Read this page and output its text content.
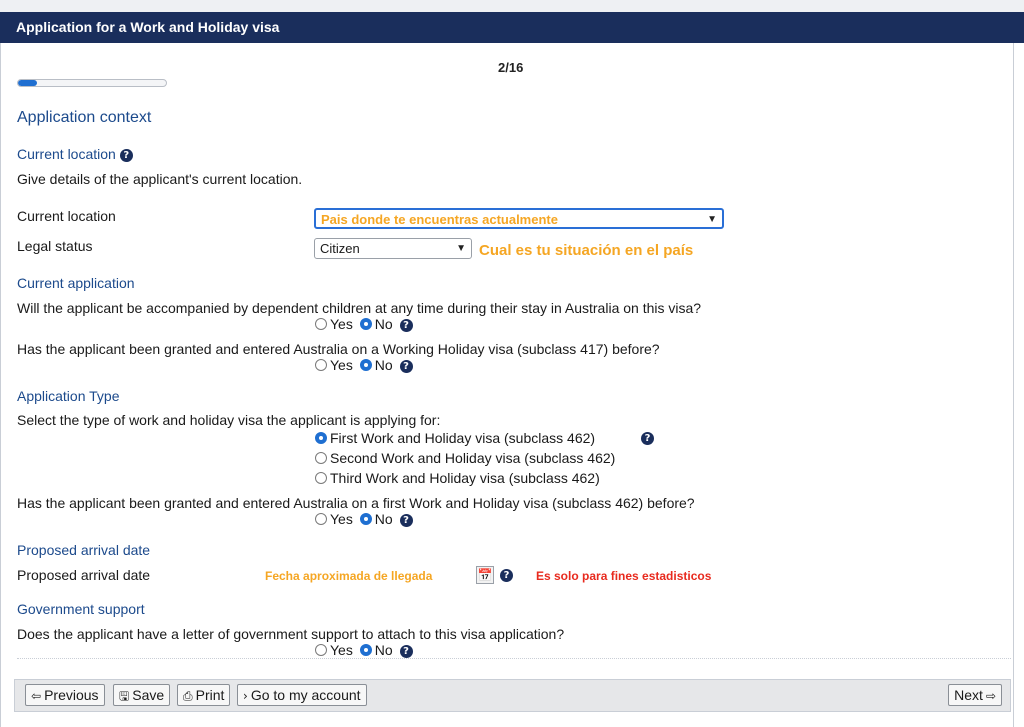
Application for a Work and Holiday visa
2/16
Application context
Current location ?
Give details of the applicant's current location.
Current location	Pais donde te encuentras actualmente	▼
Legal status	Citizen	▼ Cual es tu situación en el país
Current application
Will the applicant be accompanied by dependent children at any time during their stay in Australia on this visa?
Yes No ?
Has the applicant been granted and entered Australia on a Working Holiday visa (subclass 417) before?
Yes No ?
Application Type
Select the type of work and holiday visa the applicant is applying for:
First Work and Holiday visa (subclass 462)	?
Second Work and Holiday visa (subclass 462)
Third Work and Holiday visa (subclass 462)
Has the applicant been granted and entered Australia on a first Work and Holiday visa (subclass 462) before?
Yes No ?
Proposed arrival date
Proposed arrival date	Fecha aproximada de llegada	📅	? Es solo para fines estadisticos
Government support
Does the applicant have a letter of government support to attach to this visa application?
Yes No ?
⇦ Previous	🖫 Save	⎙ Print	› Go to my account	Next ⇨
